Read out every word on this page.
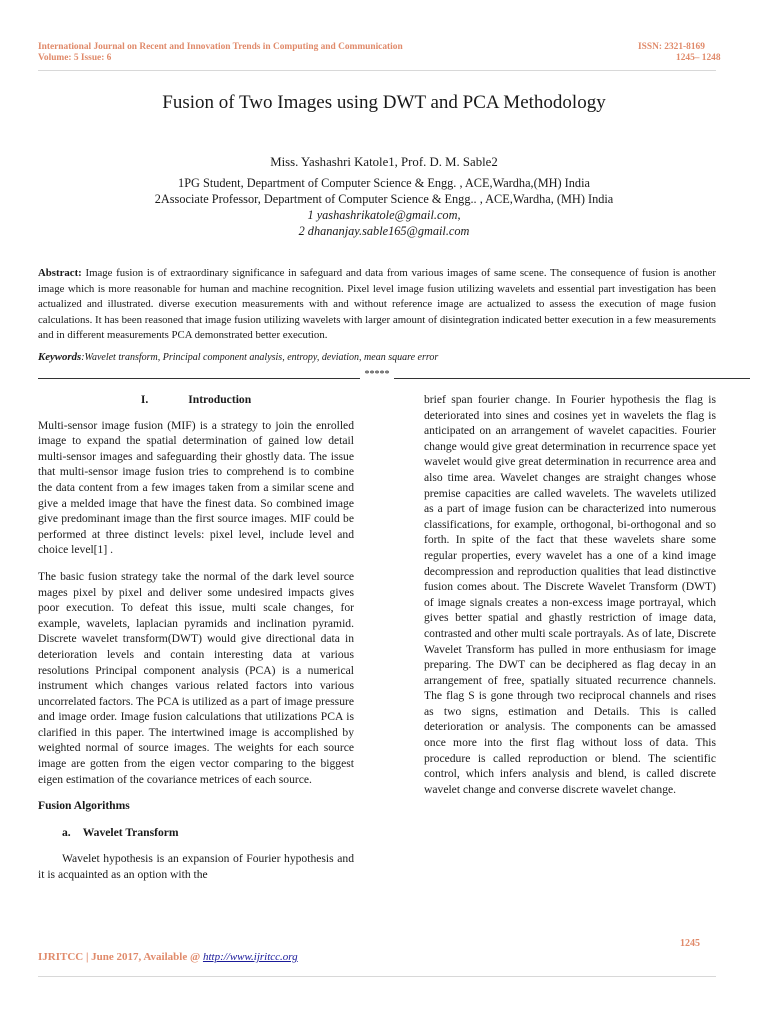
International Journal on Recent and Innovation Trends in Computing and Communication
Volume: 5 Issue: 6
ISSN: 2321-8169
1245– 1248
Fusion of Two Images using DWT and PCA Methodology
Miss. Yashashri Katole1, Prof. D. M. Sable2
1PG Student, Department of Computer Science & Engg. , ACE,Wardha,(MH) India
2Associate Professor, Department of Computer Science & Engg.. , ACE,Wardha, (MH) India
1 yashashrikatole@gmail.com,
2 dhananjay.sable165@gmail.com
Abstract: Image fusion is of extraordinary significance in safeguard and data from various images of same scene. The consequence of fusion is another image which is more reasonable for human and machine recognition. Pixel level image fusion utilizing wavelets and essential part investigation has been actualized and illustrated. diverse execution measurements with and without reference image are actualized to assess the execution of mage fusion calculations. It has been reasoned that image fusion utilizing wavelets with larger amount of disintegration indicated better execution in a few measurements and in different measurements PCA demonstrated better execution.
Keywords:Wavelet transform, Principal component analysis, entropy, deviation, mean square error
*****

I.	Introduction

Multi-sensor image fusion (MIF) is a strategy to join the enrolled image to expand the spatial determination of gained low detail multi-sensor images and safeguarding their ghostly data. The issue that multi-sensor image fusion tries to comprehend is to combine the data content from a few images taken from a similar scene and give a melded image that have the finest data. So combined image give predominant image than the first source images. MIF could be performed at three distinct levels: pixel level, include level and choice level[1] .

The basic fusion strategy take the normal of the dark level source mages pixel by pixel and deliver some undesired impacts gives poor execution. To defeat this issue, multi scale changes, for example, wavelets, laplacian pyramids and inclination pyramid. Discrete wavelet transform(DWT) would give directional data in deterioration levels and contain interesting data at various resolutions Principal component analysis (PCA) is a numerical instrument which changes various related factors into various uncorrelated factors. The PCA is utilized as a part of image pressure and image order. Image fusion calculations that utilizations PCA is clarified in this paper. The intertwined image is accomplished by weighted normal of source images. The weights for each source image are gotten from the eigen vector comparing to the biggest eigen estimation of the covariance metrices of each source.

Fusion Algorithms

a. Wavelet Transform

Wavelet hypothesis is an expansion of Fourier hypothesis and it is acquainted as an option with the

brief span fourier change. In Fourier hypothesis the flag is deteriorated into sines and cosines yet in wavelets the flag is anticipated on an arrangement of wavelet capacities. Fourier change would give great determination in recurrence space yet wavelet would give great determination in recurrence area and also time area. Wavelet changes are straight changes whose premise capacities are called wavelets. The wavelets utilized as a part of image fusion can be characterized into numerous classifications, for example, orthogonal, bi-orthogonal and so forth. In spite of the fact that these wavelets share some regular properties, every wavelet has a one of a kind image decompression and reproduction qualities that lead distinctive fusion comes about. The Discrete Wavelet Transform (DWT) of image signals creates a non-excess image portrayal, which gives better spatial and ghastly restriction of image data, contrasted and other multi scale portrayals. As of late, Discrete Wavelet Transform has pulled in more enthusiasm for image preparing. The DWT can be deciphered as flag decay in an arrangement of free, spatially situated recurrence channels. The flag S is gone through two reciprocal channels and rises as two signs, estimation and Details. This is called deterioration or analysis. The components can be amassed once more into the first flag without loss of data. This procedure is called reproduction or blend. The scientific control, which infers analysis and blend, is called discrete wavelet change and converse discrete wavelet change.

1245
IJRITCC | June 2017, Available @ http://www.ijritcc.org
